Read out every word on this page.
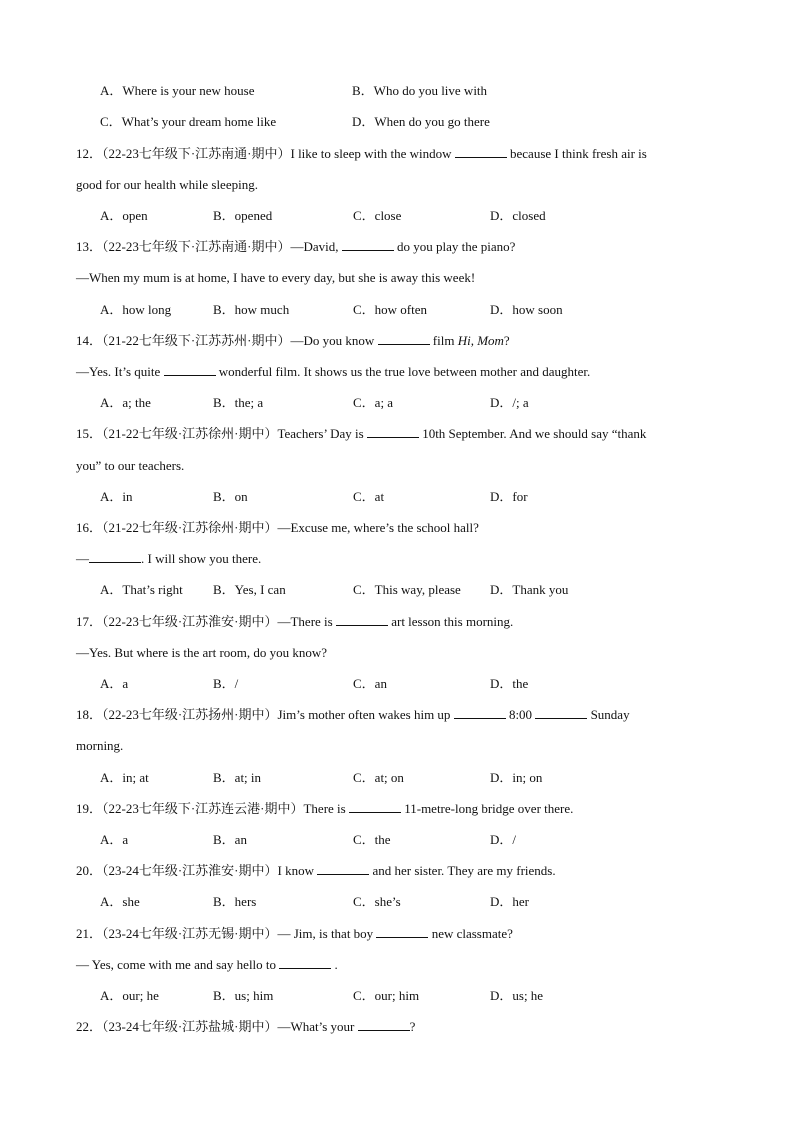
A．Where is your new house	B．Who do you live with
C．What’s your dream home like	D．When do you go there
12．（22-23七年级下·江苏南通·期中）I like to sleep with the window	because I think fresh air is
good for our health while sleeping.
A．open	B．opened	C．close	D．closed
13．（22-23七年级下·江苏南通·期中）—David,	do you play the piano?
—When my mum is at home, I have to every day, but she is away this week!
A．how long	B．how much	C．how often	D．how soon
14．（21-22七年级下·江苏苏州·期中）—Do you know	film Hi, Mom?
—Yes. It’s quite	wonderful film. It shows us the true love between mother and daughter.
A．a; the	B．the; a	C．a; a	D．/; a
15．（21-22七年级·江苏徐州·期中）Teachers’ Day is	10th September. And we should say “thank
you” to our teachers.
A．in	B．on	C．at	D．for
16．（21-22七年级·江苏徐州·期中）—Excuse me, where’s the school hall?
—	. I will show you there.
A．That’s right B．Yes, I can	C．This way, please D．Thank you
17．（22-23七年级·江苏淮安·期中）—There is	art lesson this morning.
—Yes. But where is the art room, do you know?
A．a	B．/	C．an	D．the
18．（22-23七年级·江苏扬州·期中）Jim’s mother often wakes him up	8:00	Sunday
morning.
A．in; at	B．at; in	C．at; on	D．in; on
19．（22-23七年级下·江苏连云港·期中）There is	11-metre-long bridge over there.
A．a	B．an	C．the	D．/
20．（23-24七年级·江苏淮安·期中）I know	and her sister. They are my friends.
A．she	B．hers	C．she’s	D．her
21．（23-24七年级·江苏无锡·期中）— Jim, is that boy	new classmate?
— Yes, come with me and say hello to	.
A．our; he	B．us; him	C．our; him	D．us; he
22．（23-24七年级·江苏盐城·期中）—What’s your	?
